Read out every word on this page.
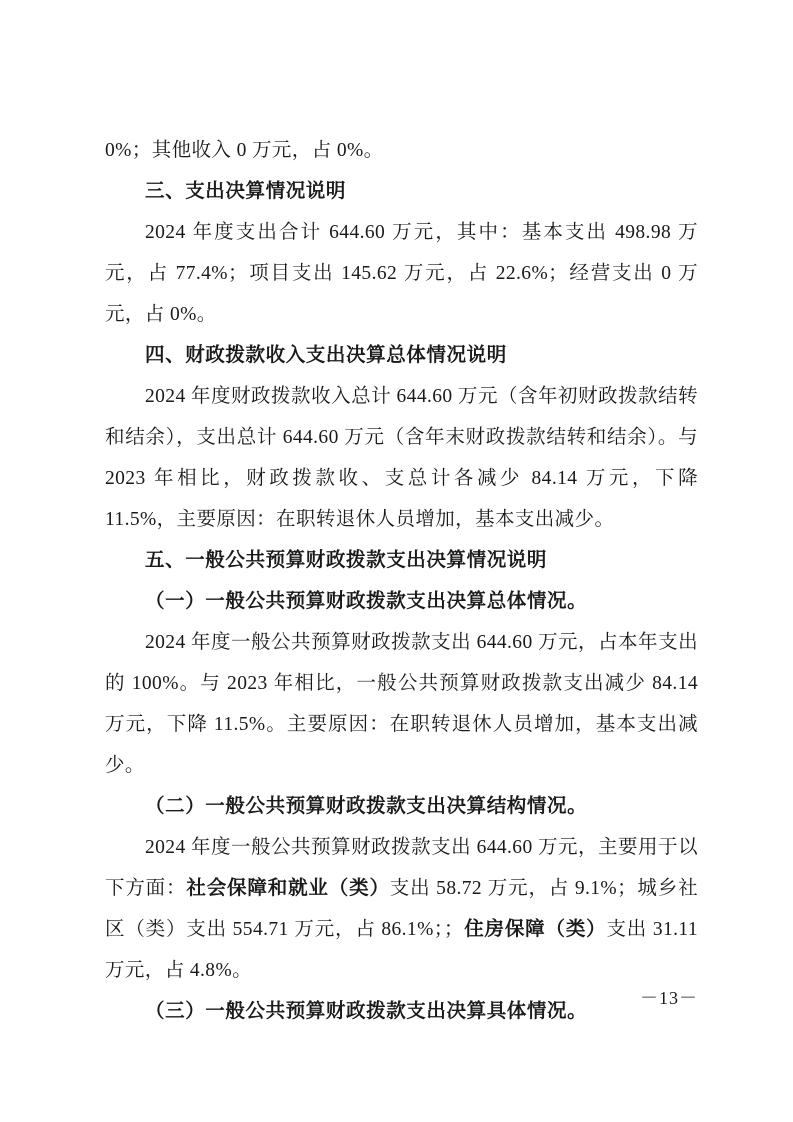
0%；其他收入 0 万元，占 0%。

三、支出决算情况说明

2024 年度支出合计 644.60 万元，其中：基本支出 498.98 万元，占 77.4%；项目支出 145.62 万元，占 22.6%；经营支出 0 万元，占 0%。

四、财政拨款收入支出决算总体情况说明

2024 年度财政拨款收入总计 644.60 万元（含年初财政拨款结转和结余），支出总计 644.60 万元（含年末财政拨款结转和结余）。与 2023 年相比，财政拨款收、支总计各减少 84.14 万元，下降 11.5%，主要原因：在职转退休人员增加，基本支出减少。

五、一般公共预算财政拨款支出决算情况说明

（一）一般公共预算财政拨款支出决算总体情况。

2024 年度一般公共预算财政拨款支出 644.60 万元，占本年支出的 100%。与 2023 年相比，一般公共预算财政拨款支出减少 84.14 万元，下降 11.5%。主要原因：在职转退休人员增加，基本支出减少。

（二）一般公共预算财政拨款支出决算结构情况。

2024 年度一般公共预算财政拨款支出 644.60 万元，主要用于以下方面：社会保障和就业（类）支出 58.72 万元，占 9.1%；城乡社区（类）支出 554.71 万元，占 86.1%；；住房保障（类）支出 31.11 万元，占 4.8%。

（三）一般公共预算财政拨款支出决算具体情况。

－13－
